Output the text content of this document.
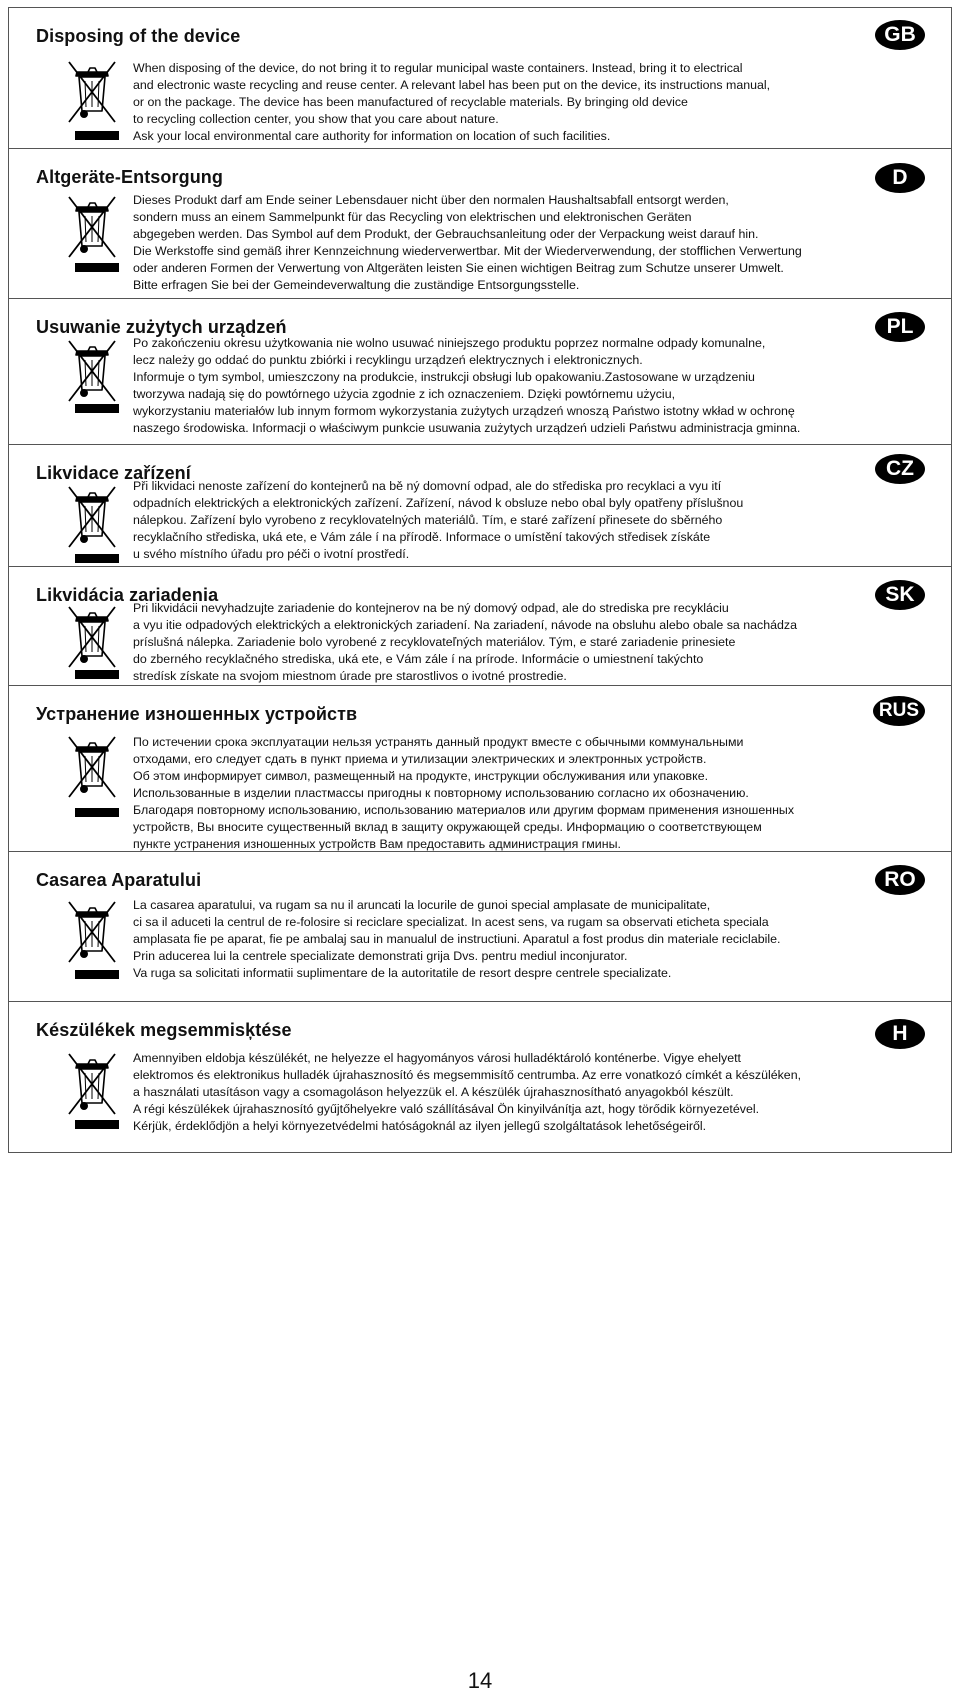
Disposing of the device	GB
When disposing of the device, do not bring it to regular municipal waste containers. Instead, bring it to electrical
and electronic waste recycling and reuse center. A relevant label has been put on the device, its instructions manual,
or on the package. The device has been manufactured of recyclable materials. By bringing old device
to recycling collection center, you show that you care about nature.
Ask your local environmental care authority for information on location of such facilities.
Altgeräte-Entsorgung	D
Dieses Produkt darf am Ende seiner Lebensdauer nicht über den normalen Haushaltsabfall entsorgt werden,
sondern muss an einem Sammelpunkt für das Recycling von elektrischen und elektronischen Geräten
abgegeben werden. Das Symbol auf dem Produkt, der Gebrauchsanleitung oder der Verpackung weist darauf hin.
Die Werkstoffe sind gemäß ihrer Kennzeichnung wiederverwertbar. Mit der Wiederverwendung, der stofflichen Verwertung
oder anderen Formen der Verwertung von Altgeräten leisten Sie einen wichtigen Beitrag zum Schutze unserer Umwelt.
Bitte erfragen Sie bei der Gemeindeverwaltung die zuständige Entsorgungsstelle.
Usuwanie zużytych urządzeń	PL
Po zakończeniu okresu użytkowania nie wolno usuwać niniejszego produktu poprzez normalne odpady komunalne,
lecz należy go oddać do punktu zbiórki i recyklingu urządzeń elektrycznych i elektronicznych.
Informuje o tym symbol, umieszczony na produkcie, instrukcji obsługi lub opakowaniu.Zastosowane w urządzeniu
tworzywa nadają się do powtórnego użycia zgodnie z ich oznaczeniem. Dzięki powtórnemu użyciu,
wykorzystaniu materiałów lub innym formom wykorzystania zużytych urządzeń wnoszą Państwo istotny wkład w ochronę
naszego środowiska. Informacji o właściwym punkcie usuwania zużytych urządzeń udzieli Państwu administracja gminna.
Likvidace zařízení	CZ
Při likvidaci nenoste zařízení do kontejnerů na bě ný domovní odpad, ale do střediska pro recyklaci a vyu ití
odpadních elektrických a elektronických zařízení. Zařízení, návod k obsluze nebo obal byly opatřeny příslušnou
nálepkou. Zařízení bylo vyrobeno z recyklovatelných materiálů. Tím, e staré zařízení přinesete do sběrného
recyklačního střediska, uká ete, e Vám zále í na přírodě. Informace o umístění takových středisek získáte
u svého místního úřadu pro péči o ivotní prostředí.
Likvidácia zariadenia	SK
Pri likvidácii nevyhadzujte zariadenie do kontejnerov na be ný domový odpad, ale do strediska pre recykláciu
a vyu itie odpadových elektrických a elektronických zariadení. Na zariadení, návode na obsluhu alebo obale sa nachádza
príslušná nálepka. Zariadenie bolo vyrobené z recyklovateľných materiálov. Tým, e staré zariadenie prinesiete
do zberného recyklačného strediska, uká ete, e Vám zále í na prírode. Informácie o umiestnení takýchto
stredísk získate na svojom miestnom úrade pre starostlivos o ivotné prostredie.
Устранение изношенных устройств	RUS
По истечении срока эксплуатации нельзя устранять данный продукт вместе с обычными коммунальными
отходами, его следует сдать в пункт приема и утилизации электрических и электронных устройств.
Об этом информирует символ, размещенный на продукте, инструкции обслуживания или упаковке.
Использованные в изделии пластмассы пригодны к повторному использованию согласно их обозначению.
Благодаря повторному использованию, использованию материалов или другим формам применения изношенных
устройств, Вы вносите существенный вклад в защиту окружающей среды. Информацию о соответствующем
пункте устранения изношенных устройств Вам предоставить администрация гмины.
Casarea Aparatului	RO
La casarea aparatului, va rugam sa nu il aruncati la locurile de gunoi special amplasate de municipalitate,
ci sa il aduceti la centrul de re-folosire si reciclare specializat. In acest sens, va rugam sa observati eticheta speciala
amplasata fie pe aparat, fie pe ambalaj sau in manualul de instructiuni. Aparatul a fost produs din materiale reciclabile.
Prin aducerea lui la centrele specializate demonstrati grija Dvs. pentru mediul inconjurator.
Va ruga sa solicitati informatii suplimentare de la autoritatile de resort despre centrele specializate.
Készülékek megsemmisķtése	H
Amennyiben eldobja készülékét, ne helyezze el hagyományos városi hulladéktároló konténerbe. Vigye ehelyett
elektromos és elektronikus hulladék újrahasznosító és megsemmisítő centrumba. Az erre vonatkozó címkét a készüléken,
a használati utasításon vagy a csomagoláson helyezzük el. A készülék újrahasznosítható anyagokból készült.
A régi készülékek újrahasznosító gyűjtőhelyekre való szállításával Ön kinyilvánítja azt, hogy törődik környezetével.
Kérjük, érdeklődjön a helyi környezetvédelmi hatóságoknál az ilyen jellegű szolgáltatások lehetőségeiről.
14
